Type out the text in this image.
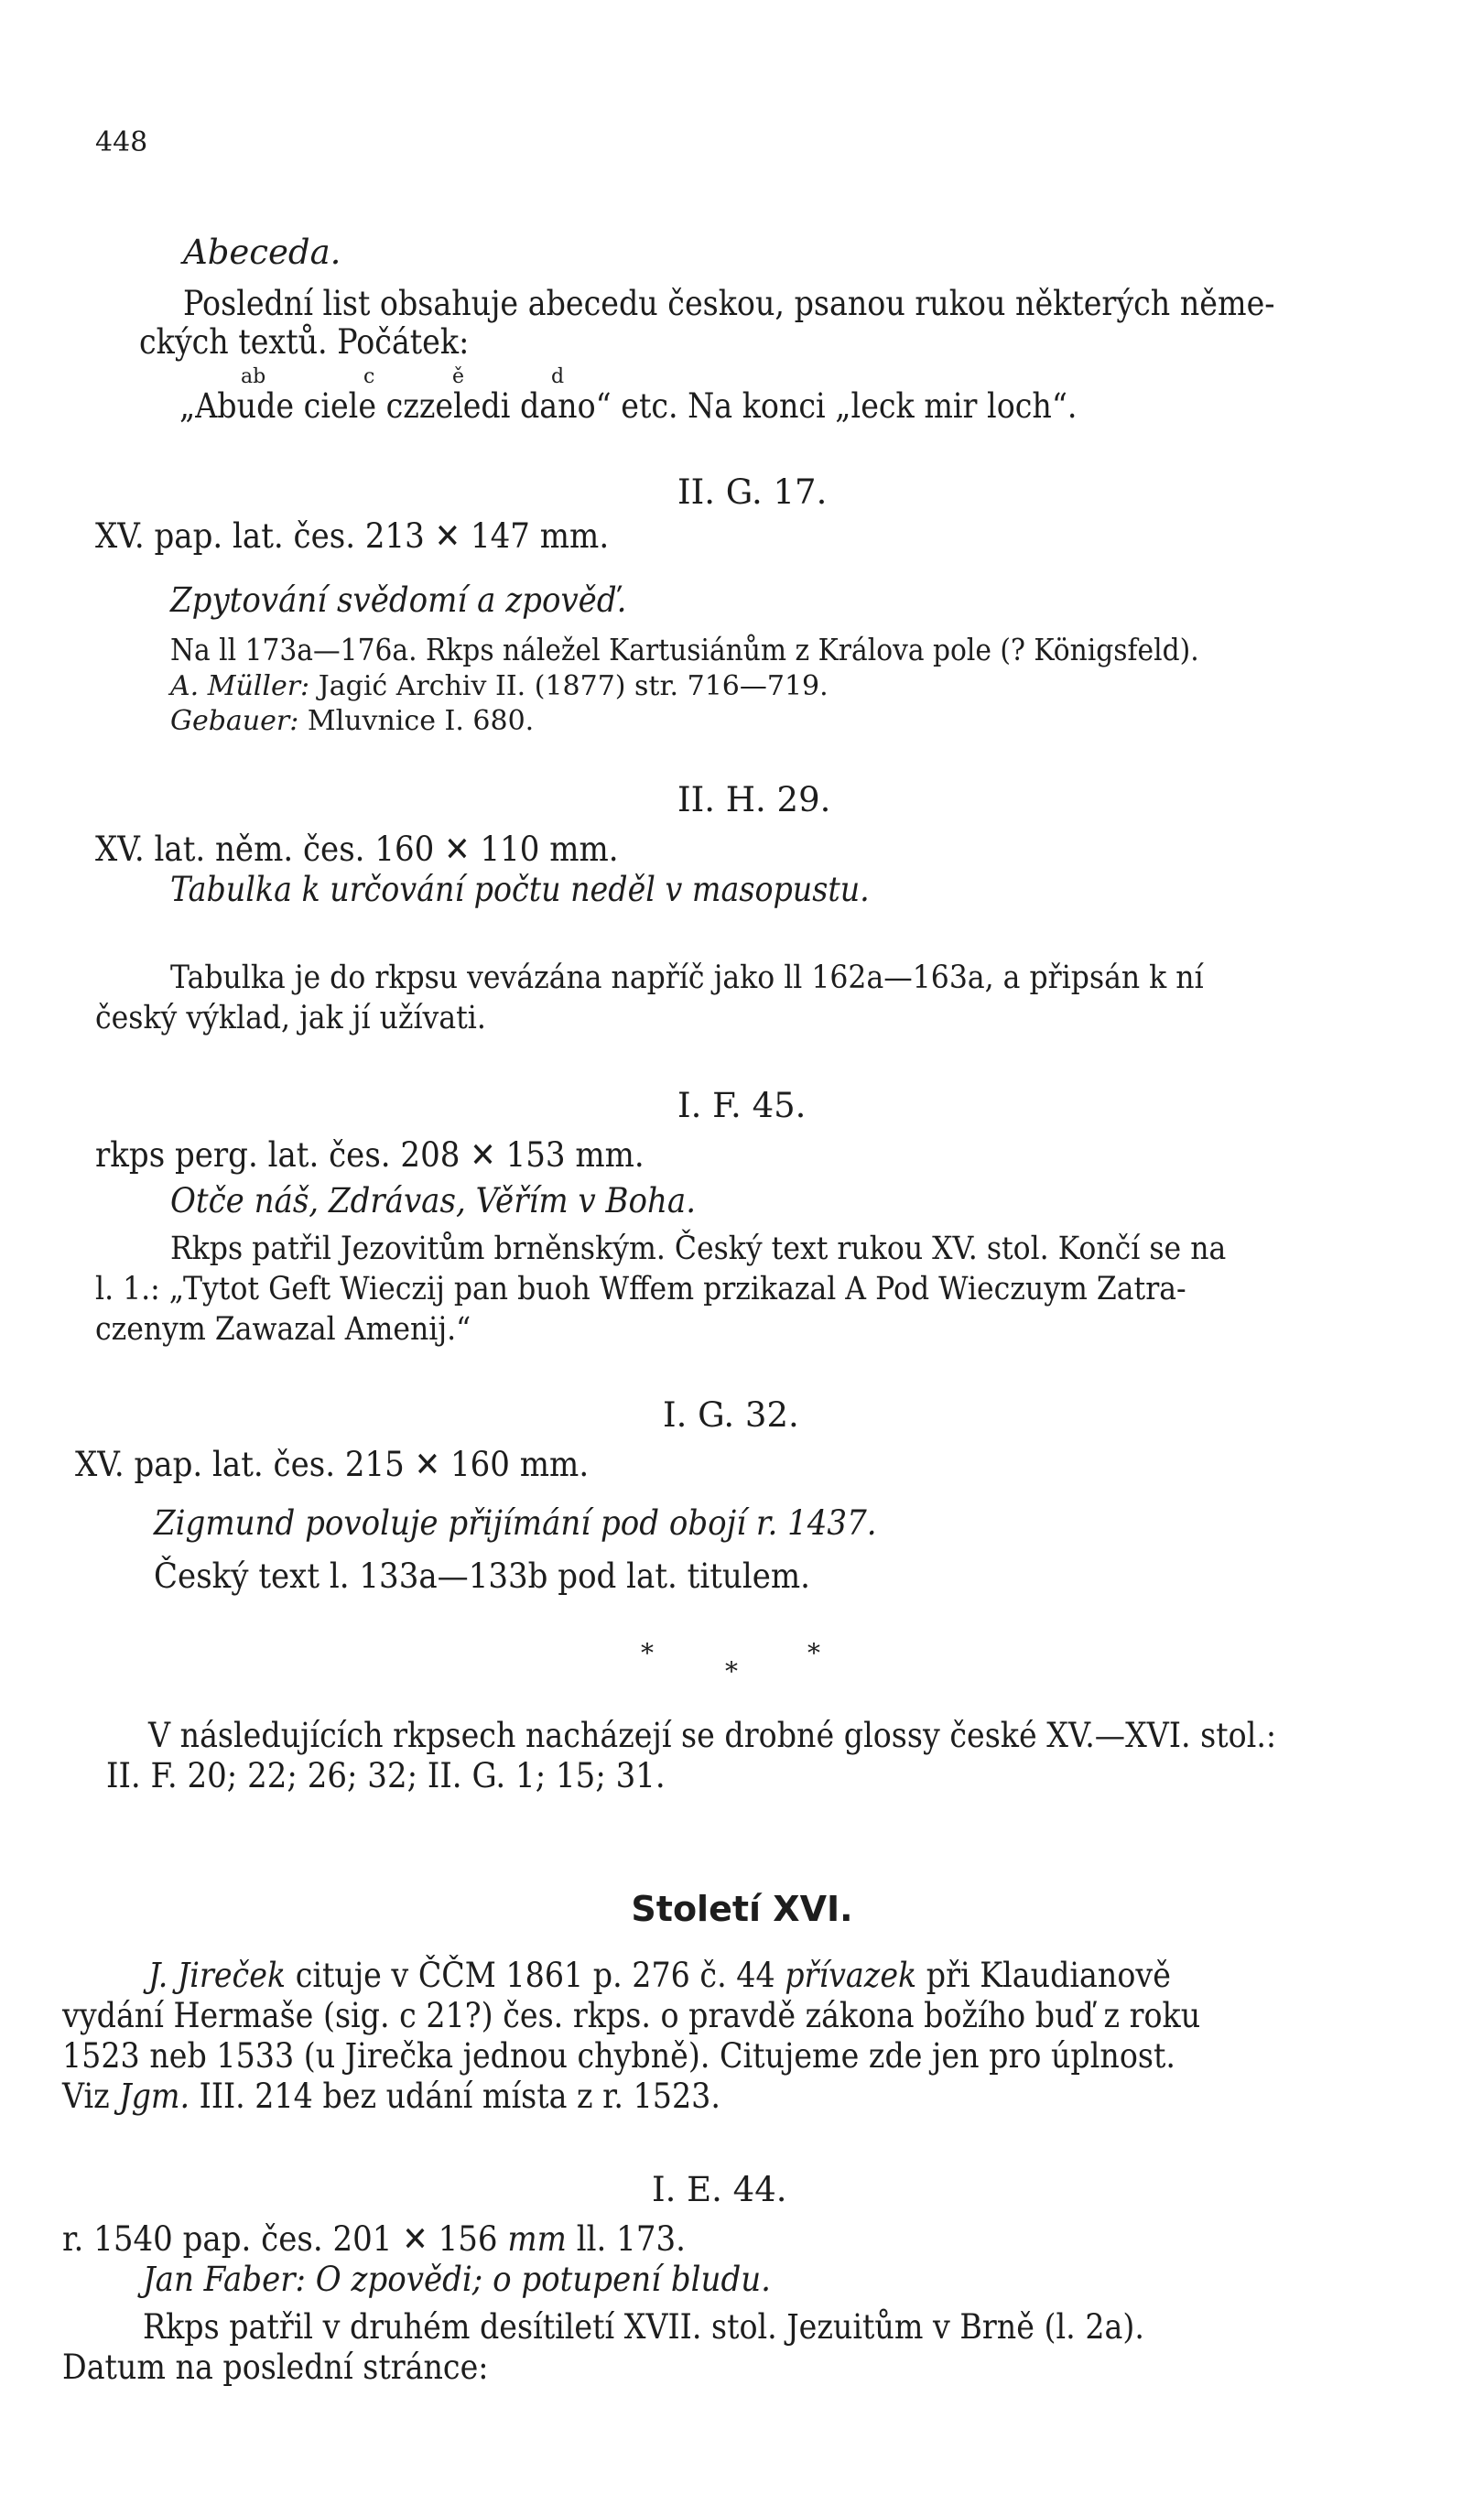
448
Abeceda.
Poslední list obsahuje abecedu českou, psanou rukou některých něme-
ckých textů. Počátek:
ab	c	ě	d
„Abude ciele czzeledi dano“ etc. Na konci „leck mir loch“.
II. G. 17.
XV. pap. lat. čes. 213 ✕ 147 mm.
Zpytování svědomí a zpověď.
Na ll 173a—176a. Rkps náležel Kartusiánům z Králova pole (? Königsfeld).
A. Müller: Jagić Archiv II. (1877) str. 716—719.
Gebauer: Mluvnice I. 680.
II. H. 29.
XV. lat. něm. čes. 160 ✕ 110 mm.
Tabulka k určování počtu neděl v masopustu.
Tabulka je do rkpsu vevázána napříč jako ll 162a—163a, a připsán k ní
český výklad, jak jí užívati.
I. F. 45.
rkps perg. lat. čes. 208 ✕ 153 mm.
Otče náš, Zdrávas, Věřím v Boha.
Rkps patřil Jezovitům brněnským. Český text rukou XV. stol. Končí se na
l. 1.: „Tytot Geft Wieczij pan buoh Wffem przikazal A Pod Wieczuym Zatra-
czenym Zawazal Amenij.“
I. G. 32.
XV. pap. lat. čes. 215 ✕ 160 mm.
Zigmund povoluje přijímání pod obojí r. 1437.
Český text l. 133a—133b pod lat. titulem.
*	*
*
V následujících rkpsech nacházejí se drobné glossy české XV.—XVI. stol.:
II. F. 20; 22; 26; 32; II. G. 1; 15; 31.
Století XVI.
J. Jireček cituje v ČČM 1861 p. 276 č. 44 přívazek při Klaudianově
vydání Hermaše (sig. c 21?) čes. rkps. o pravdě zákona božího buď z roku
1523 neb 1533 (u Jirečka jednou chybně). Citujeme zde jen pro úplnost.
Viz Jgm. III. 214 bez udání místa z r. 1523.
I. E. 44.
r. 1540 pap. čes. 201 ✕ 156 mm ll. 173.
Jan Faber: O zpovědi; o potupení bludu.
Rkps patřil v druhém desítiletí XVII. stol. Jezuitům v Brně (l. 2a).
Datum na poslední stránce:
